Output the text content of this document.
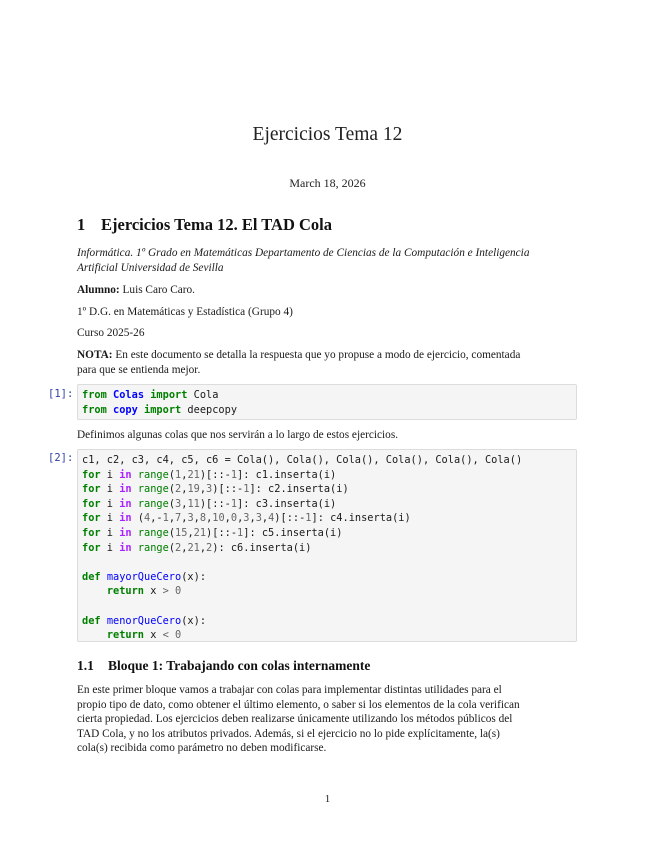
Ejercicios Tema 12
March 18, 2026
1 Ejercicios Tema 12. El TAD Cola

Informática. 1º Grado en Matemáticas Departamento de Ciencias de la Computación e Inteligencia

Artificial Universidad de Sevilla

Alumno: Luis Caro Caro.

1º D.G. en Matemáticas y Estadística (Grupo 4)

Curso 2025-26

NOTA: En este documento se detalla la respuesta que yo propuse a modo de ejercicio, comentada

para que se entienda mejor.

[1]: from Colas import Cola
from copy import deepcopy

Definimos algunas colas que nos servirán a lo largo de estos ejercicios.

[2]: c1, c2, c3, c4, c5, c6 = Cola(), Cola(), Cola(), Cola(), Cola(), Cola()
for i in range(1,21)[::-1]: c1.inserta(i)
for i in range(2,19,3)[::-1]: c2.inserta(i)
for i in range(3,11)[::-1]: c3.inserta(i)
for i in (4,-1,7,3,8,10,0,3,3,4)[::-1]: c4.inserta(i)
for i in range(15,21)[::-1]: c5.inserta(i)
for i in range(2,21,2): c6.inserta(i)
def mayorQueCero(x):
return x > 0
def menorQueCero(x):
return x < 0
1.1 Bloque 1: Trabajando con colas internamente

En este primer bloque vamos a trabajar con colas para implementar distintas utilidades para el

propio tipo de dato, como obtener el último elemento, o saber si los elementos de la cola verifican

cierta propiedad. Los ejercicios deben realizarse únicamente utilizando los métodos públicos del

TAD Cola, y no los atributos privados. Además, si el ejercicio no lo pide explícitamente, la(s)

cola(s) recibida como parámetro no deben modificarse.

1
